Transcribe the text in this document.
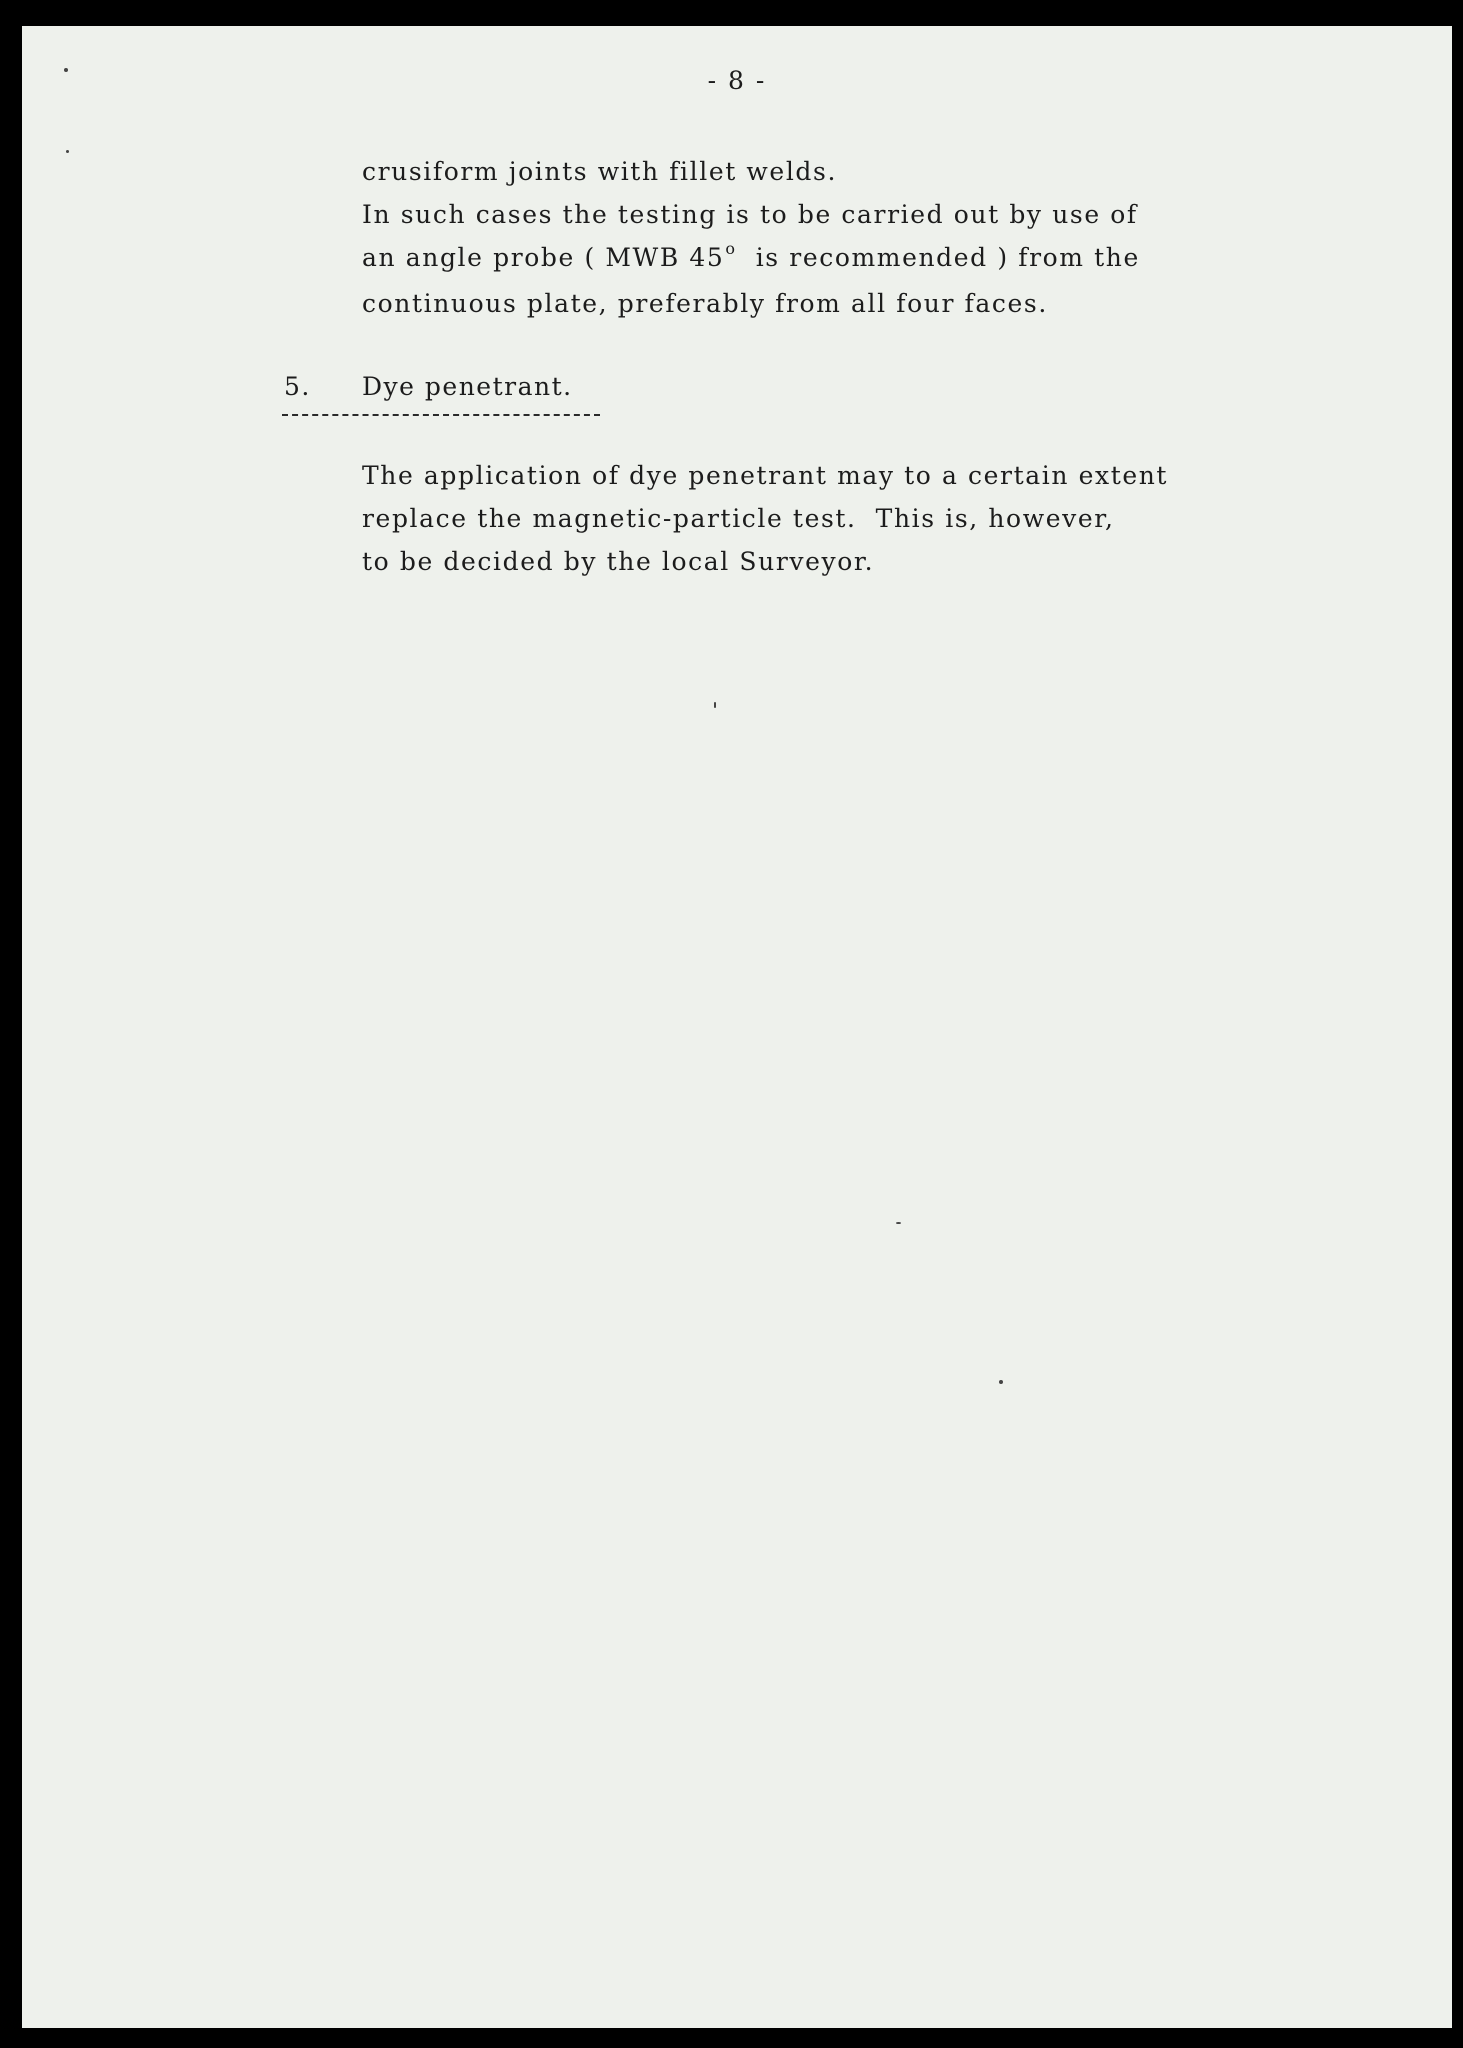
- 8 -
crusiform joints with fillet welds.
In such cases the testing is to be carried out by use of
an angle probe ( MWB 45$^o$  is recommended ) from the
continuous plate, preferably from all four faces.
5. Dye penetrant.
The application of dye penetrant may to a certain extent
replace the magnetic-particle test.  This is, however,
to be decided by the local Surveyor.
